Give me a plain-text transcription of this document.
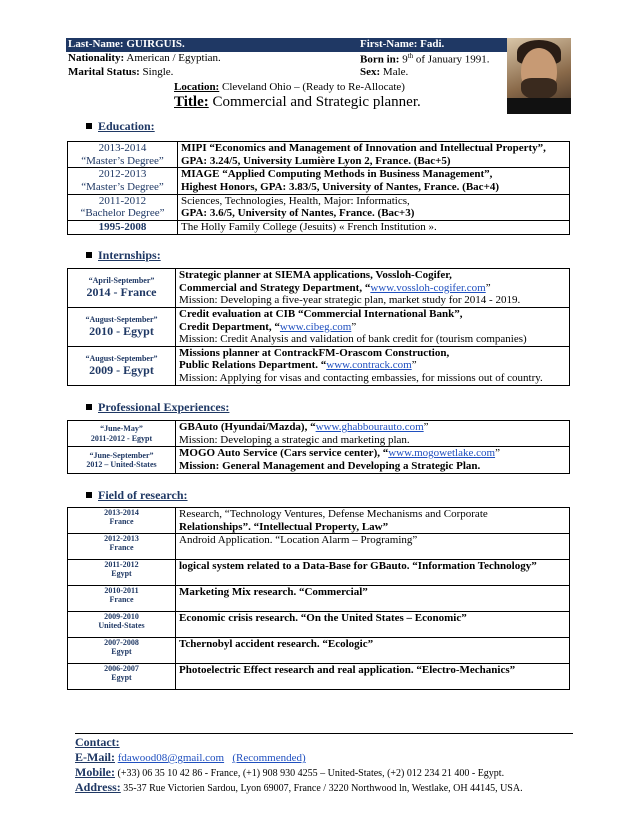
Last-Name: GUIRGUIS.	First-Name: Fadi.
Nationality: American / Egyptian.	Born in: 9th of January 1991.
Marital Status: Single.	Sex: Male.
Location: Cleveland Ohio – (Ready to Re-Allocate)
Title: Commercial and Strategic planner.
Education:
2013-2014
“Master’s Degree”	MIPI “Economics and Management of Innovation and Intellectual Property”,
GPA: 3.24/5, University Lumière Lyon 2, France. (Bac+5)
2012-2013
“Master’s Degree”	MIAGE “Applied Computing Methods in Business Management”,
Highest Honors, GPA: 3.83/5, University of Nantes, France. (Bac+4)
2011-2012
“Bachelor Degree”	Sciences, Technologies, Health, Major: Informatics,
GPA: 3.6/5, University of Nantes, France. (Bac+3)
1995-2008	The Holly Family College (Jesuits) « French Institution ».
Internships:
“April-September”
2014 - France	Strategic planner at SIEMA applications, Vossloh-Cogifer,
Commercial and Strategy Department, “www.vossloh-cogifer.com”
Mission: Developing a five-year strategic plan, market study for 2014 - 2019.

“August-September”
2010 - Egypt	Credit evaluation at CIB “Commercial International Bank”,
Credit Department, “www.cibeg.com”
Mission: Credit Analysis and validation of bank credit for (tourism companies)

“August-September”
2009 - Egypt	Missions planner at ContrackFM-Orascom Construction,
Public Relations Department. “www.contrack.com”
Mission: Applying for visas and contacting embassies, for missions out of country.
Professional Experiences:
“June-May”
2011-2012 - Egypt	GBAuto (Hyundai/Mazda), “www.ghabbourauto.com”
Mission: Developing a strategic and marketing plan.
“June-September”
2012 – United-States	MOGO Auto Service (Cars service center), “www.mogowetlake.com”
Mission: General Management and Developing a Strategic Plan.
Field of research:
2013-2014
France	Research, “Technology Ventures, Defense Mechanisms and Corporate
Relationships”. “Intellectual Property, Law”
2012-2013
France	Android Application. “Location Alarm – Programing”
2011-2012
Egypt	logical system related to a Data-Base for GBauto. “Information Technology”
2010-2011
France	Marketing Mix research. “Commercial”
2009-2010
United-States	Economic crisis research. “On the United States – Economic”
2007-2008
Egypt	Tchernobyl accident research. “Ecologic”
2006-2007
Egypt	Photoelectric Effect research and real application. “Electro-Mechanics”
Contact:
E-Mail: fdawood08@gmail.com (Recommended)
Mobile: (+33) 06 35 10 42 86 - France, (+1) 908 930 4255 – United-States, (+2) 012 234 21 400 - Egypt.
Address: 35-37 Rue Victorien Sardou, Lyon 69007, France / 3220 Northwood ln, Westlake, OH 44145, USA.
